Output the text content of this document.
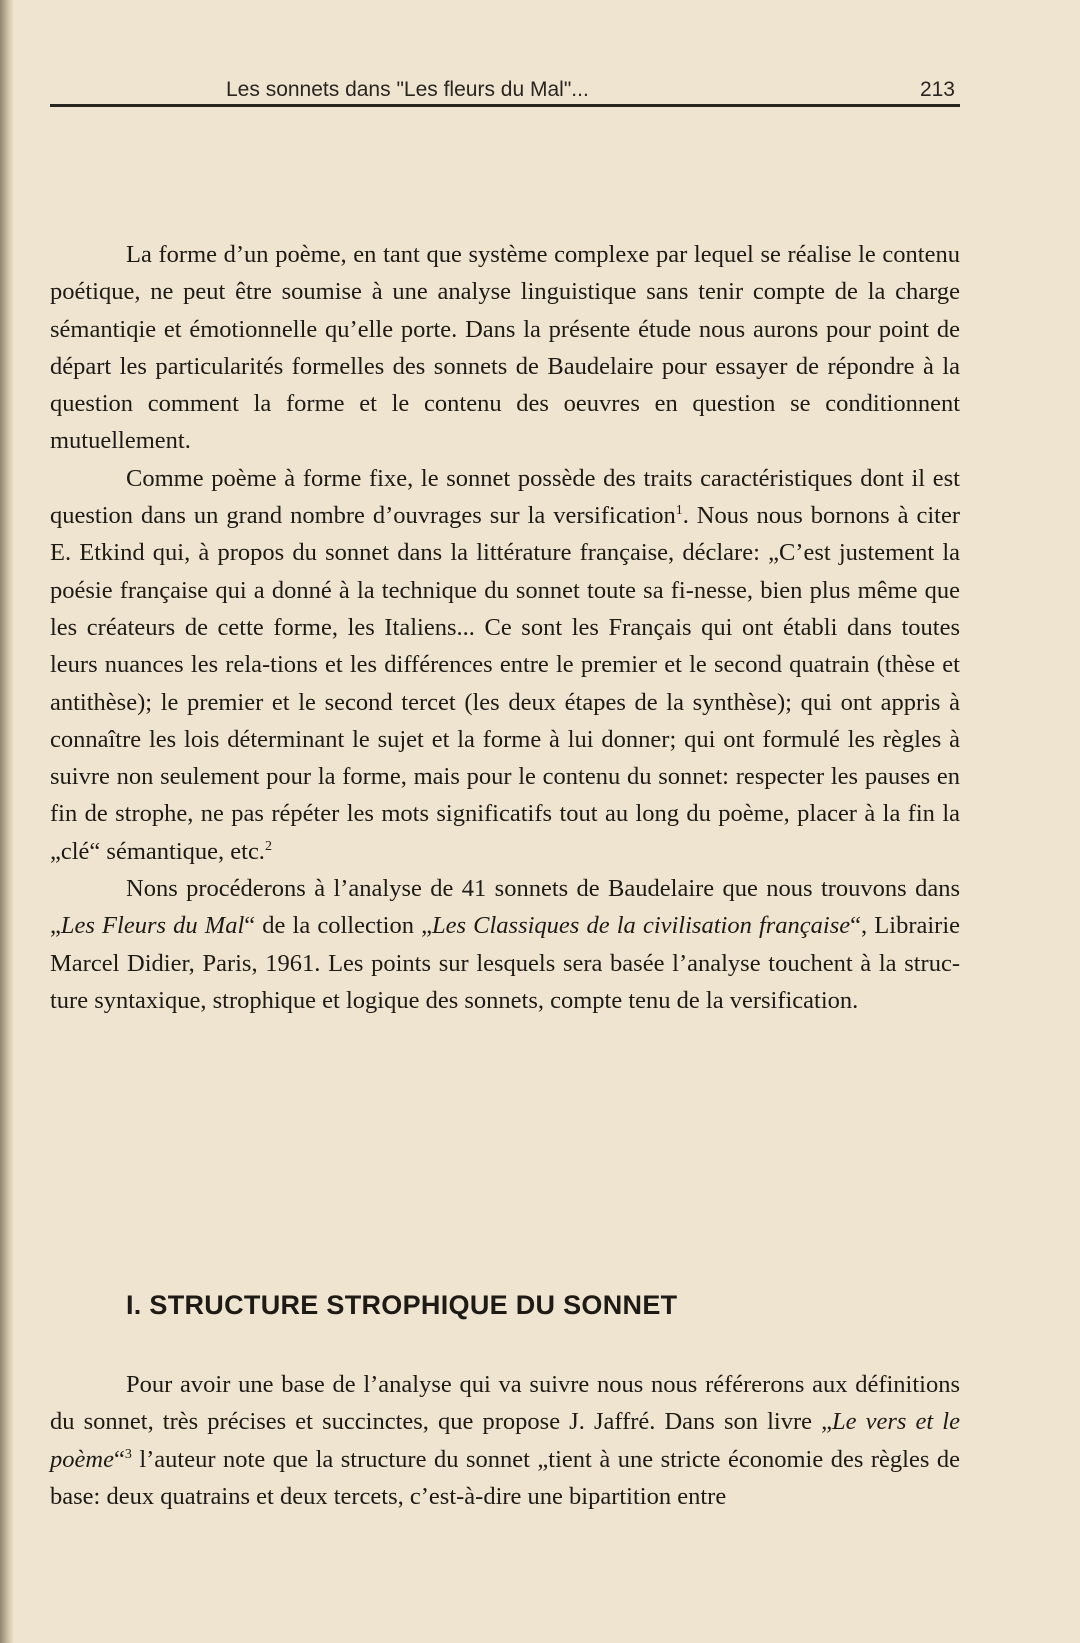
Les sonnets dans "Les fleurs du Mal"...	213

La forme d’un poème, en tant que système complexe par lequel se réalise le contenu poétique, ne peut être soumise à une analyse linguistique sans tenir compte de la charge sémantiqie et émotionnelle qu’elle porte. Dans la présente étude nous aurons pour point de départ les particularités formelles des sonnets de Baudelaire pour essayer de répondre à la question comment la forme et le contenu des oeuvres en question se conditionnent mutuellement.

Comme poème à forme fixe, le sonnet possède des traits caractéristiques dont il est question dans un grand nombre d’ouvrages sur la versification$^1$. Nous nous bornons à citer E. Etkind qui, à propos du sonnet dans la littérature française, déclare: „C’est justement la poésie française qui a donné à la technique du sonnet toute sa fi-nesse, bien plus même que les créateurs de cette forme, les Italiens... Ce sont les Français qui ont établi dans toutes leurs nuances les rela-tions et les différences entre le premier et le second quatrain (thèse et antithèse); le premier et le second tercet (les deux étapes de la synthèse); qui ont appris à connaître les lois déterminant le sujet et la forme à lui donner; qui ont formulé les règles à suivre non seulement pour la forme, mais pour le contenu du sonnet: respecter les pauses en fin de strophe, ne pas répéter les mots significatifs tout au long du poème, placer à la fin la „clé“ sémantique, etc.$^2$

Nons procéderons à l’analyse de 41 sonnets de Baudelaire que nous trouvons dans „Les Fleurs du Mal“ de la collection „Les Classiques de la civilisation française“, Librairie Marcel Didier, Paris, 1961. Les points sur lesquels sera basée l’analyse touchent à la struc-ture syntaxique, strophique et logique des sonnets, compte tenu de la versification.

I. STRUCTURE STROPHIQUE DU SONNET

Pour avoir une base de l’analyse qui va suivre nous nous référerons aux définitions du sonnet, très précises et succinctes, que propose J. Jaffré. Dans son livre „Le vers et le poème“$^3$ l’auteur note que la structure du sonnet „tient à une stricte économie des règles de base: deux quatrains et deux tercets, c’est-à-dire une bipartition entre
